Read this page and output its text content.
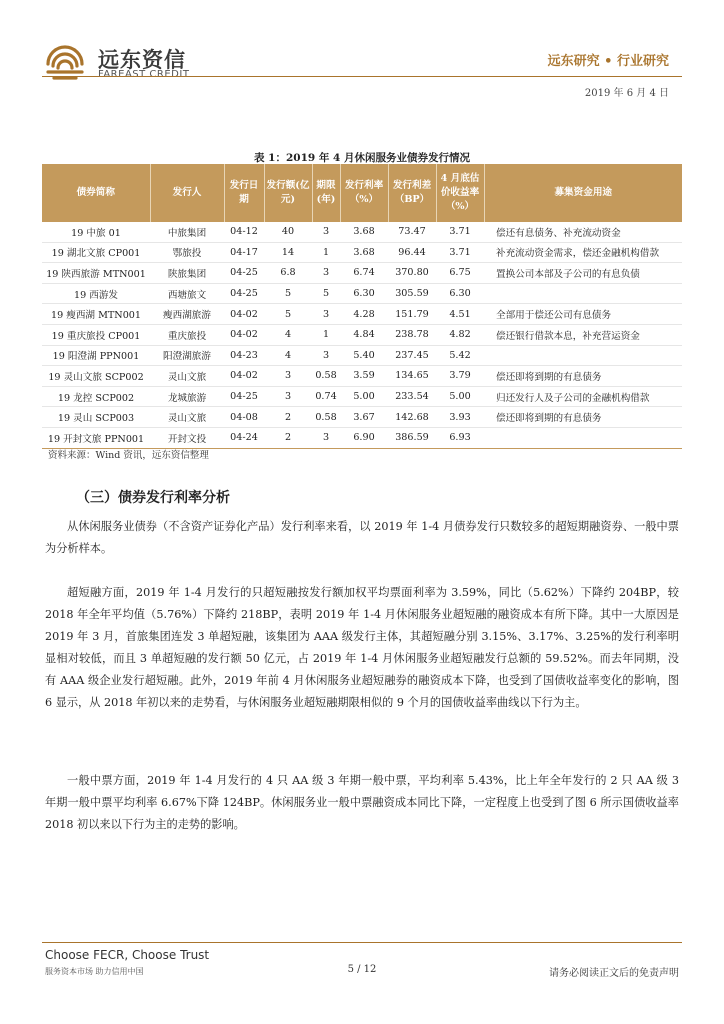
远东资信
FAREAST CREDIT
远东研究 • 行业研究
2019 年 6 月 4 日
表 1：2019 年 4 月休闲服务业债券发行情况
债券简称	发行人	发行日期	发行额(亿元)	期限(年)	发行利率（%）	发行利差（BP）	4 月底估价收益率（%）	募集资金用途
19 中旅 01	中旅集团	04-12	40	3	3.68	73.47	3.71	偿还有息债务、补充流动资金
19 湖北文旅 CP001	鄂旅投	04-17	14	1	3.68	96.44	3.71	补充流动资金需求，偿还金融机构借款
19 陕西旅游 MTN001	陕旅集团	04-25	6.8	3	6.74	370.80	6.75	置换公司本部及子公司的有息负债
19 西游发	西塘旅文	04-25	5	5	6.30	305.59	6.30	
19 瘦西湖 MTN001	瘦西湖旅游	04-02	5	3	4.28	151.79	4.51	全部用于偿还公司有息债务
19 重庆旅投 CP001	重庆旅投	04-02	4	1	4.84	238.78	4.82	偿还银行借款本息，补充营运资金
19 阳澄湖 PPN001	阳澄湖旅游	04-23	4	3	5.40	237.45	5.42	
19 灵山文旅 SCP002	灵山文旅	04-02	3	0.58	3.59	134.65	3.79	偿还即将到期的有息债务
19 龙控 SCP002	龙城旅游	04-25	3	0.74	5.00	233.54	5.00	归还发行人及子公司的金融机构借款
19 灵山 SCP003	灵山文旅	04-08	2	0.58	3.67	142.68	3.93	偿还即将到期的有息债务
19 开封文旅 PPN001	开封文投	04-24	2	3	6.90	386.59	6.93	
资料来源：Wind 资讯，远东资信整理
（三）债券发行利率分析

从休闲服务业债券（不含资产证券化产品）发行利率来看，以 2019 年 1-4 月债券发行只数较多的超短期融资券、一般中票为分析样本。

超短融方面，2019 年 1-4 月发行的只超短融按发行额加权平均票面利率为 3.59%，同比（5.62%）下降约 204BP，较 2018 年全年平均值（5.76%）下降约 218BP，表明 2019 年 1-4 月休闲服务业超短融的融资成本有所下降。其中一大原因是 2019 年 3 月，首旅集团连发 3 单超短融，该集团为 AAA 级发行主体，其超短融分别 3.15%、3.17%、3.25%的发行利率明显相对较低，而且 3 单超短融的发行额 50 亿元，占 2019 年 1-4 月休闲服务业超短融发行总额的 59.52%。而去年同期，没有 AAA 级企业发行超短融。此外，2019 年前 4 月休闲服务业超短融券的融资成本下降，也受到了国债收益率变化的影响，图 6 显示，从 2018 年初以来的走势看，与休闲服务业超短融期限相似的 9 个月的国债收益率曲线以下行为主。

一般中票方面，2019 年 1-4 月发行的 4 只 AA 级 3 年期一般中票，平均利率 5.43%，比上年全年发行的 2 只 AA 级 3 年期一般中票平均利率 6.67%下降 124BP。休闲服务业一般中票融资成本同比下降，一定程度上也受到了图 6 所示国债收益率 2018 初以来以下行为主的走势的影响。

Choose FECR, Choose Trust
服务资本市场 助力信用中国	5 / 12	请务必阅读正文后的免责声明
